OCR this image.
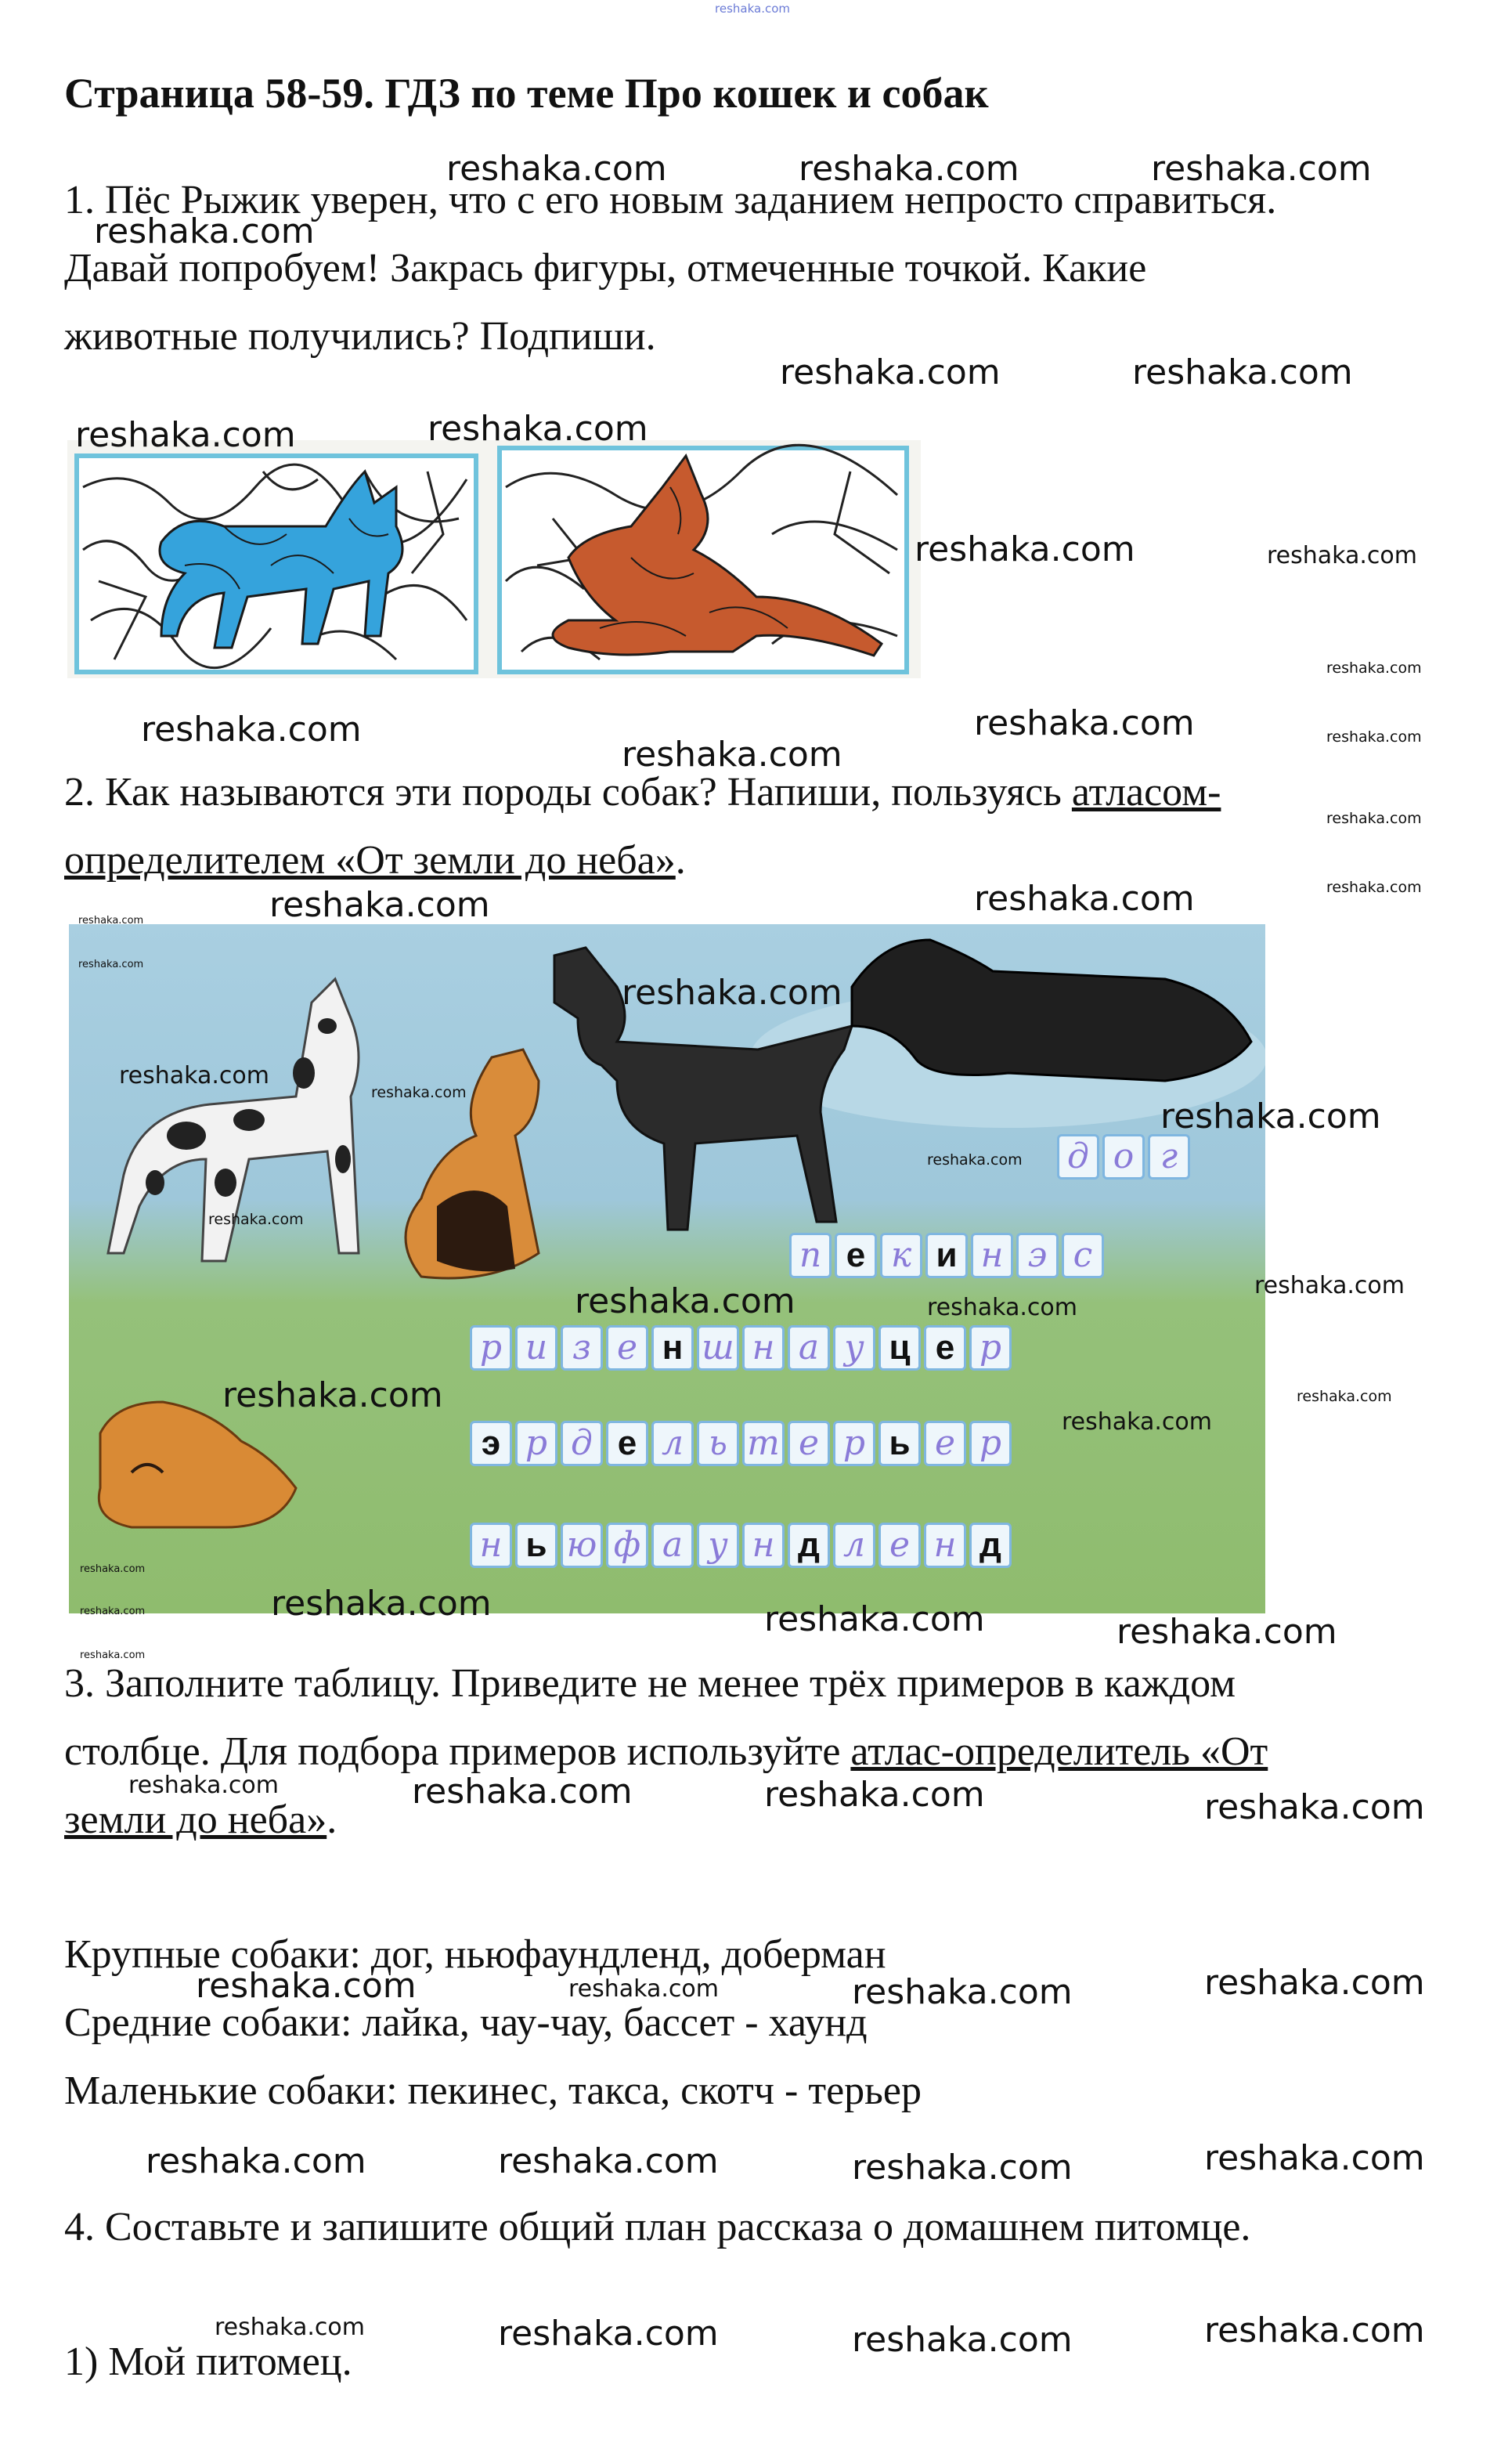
reshaka.com
Страница 58-59. ГДЗ по теме Про кошек и собак
1. Пёс Рыжик уверен, что с его новым заданием непросто справиться.
Давай попробуем! Закрась фигуры, отмеченные точкой. Какие
животные получились? Подпиши.
2. Как называются эти породы собак? Напиши, пользуясь атласом-
определителем «От земли до неба».
д о г
п е к и н э с
р и з е н ш н а у ц е р
э р д е л ь т е р ь е р
н ь ю ф а у н д л е н д
3. Заполните таблицу. Приведите не менее трёх примеров в каждом
столбце. Для подбора примеров используйте атлас-определитель «От
земли до неба».
Крупные собаки: дог, ньюфаундленд, доберман
Средние собаки: лайка, чау-чау, бассет - хаунд
Маленькие собаки: пекинес, такса, скотч - терьер
4. Составьте и запишите общий план рассказа о домашнем питомце.
1) Мой питомец.
reshaka.com	reshaka.com	reshaka.com
reshaka.com
reshaka.com	reshaka.com
reshaka.com	reshaka.com
reshaka.com	reshaka.com
reshaka.com
reshaka.com
reshaka.com
reshaka.com
reshaka.com
reshaka.com
reshaka.com
reshaka.com	reshaka.com
reshaka.com
reshaka.com
reshaka.com
reshaka.com
reshaka.com
reshaka.com
reshaka.com
reshaka.com
reshaka.com	reshaka.com
reshaka.com
reshaka.com	reshaka.com
reshaka.com
reshaka.com
reshaka.com
reshaka.com	reshaka.com	reshaka.com
reshaka.com
reshaka.com	reshaka.com	reshaka.com	reshaka.com
reshaka.com	reshaka.com	reshaka.com	reshaka.com
reshaka.com	reshaka.com	reshaka.com	reshaka.com
reshaka.com	reshaka.com	reshaka.com	reshaka.com
